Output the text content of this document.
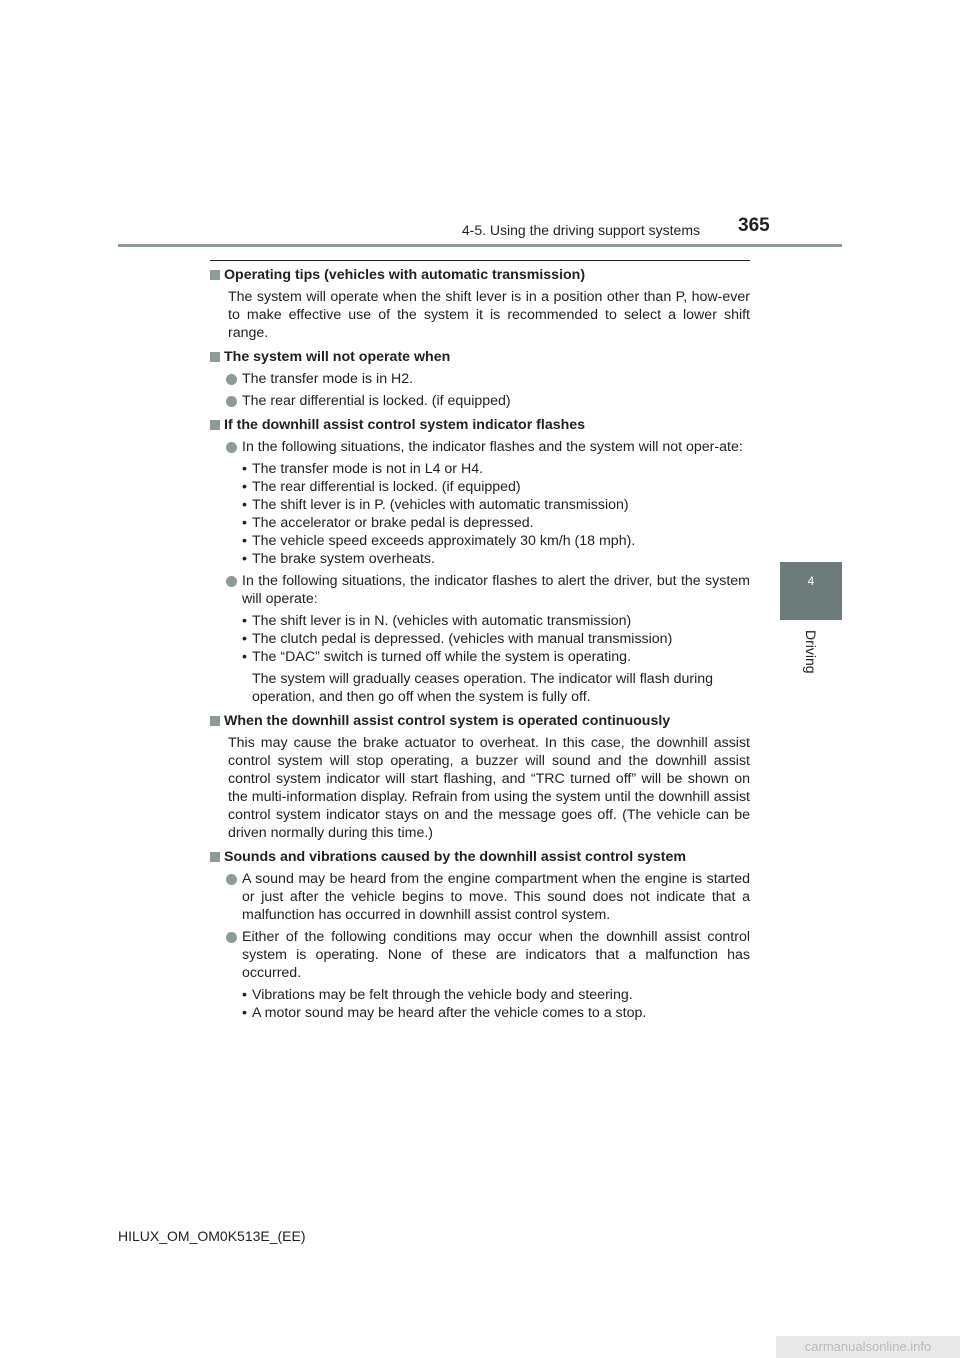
4-5. Using the driving support systems 365
4
Driving
Operating tips (vehicles with automatic transmission)
The system will operate when the shift lever is in a position other than P, how-ever to make effective use of the system it is recommended to select a lower shift range.
The system will not operate when
The transfer mode is in H2.
The rear differential is locked. (if equipped)
If the downhill assist control system indicator flashes
In the following situations, the indicator flashes and the system will not oper-ate:
• The transfer mode is not in L4 or H4.
• The rear differential is locked. (if equipped)
• The shift lever is in P. (vehicles with automatic transmission)
• The accelerator or brake pedal is depressed.
• The vehicle speed exceeds approximately 30 km/h (18 mph).
• The brake system overheats.
In the following situations, the indicator flashes to alert the driver, but the system will operate:
• The shift lever is in N. (vehicles with automatic transmission)
• The clutch pedal is depressed. (vehicles with manual transmission)
• The “DAC” switch is turned off while the system is operating.
The system will gradually ceases operation. The indicator will flash during operation, and then go off when the system is fully off.
When the downhill assist control system is operated continuously
This may cause the brake actuator to overheat. In this case, the downhill assist control system will stop operating, a buzzer will sound and the downhill assist control system indicator will start flashing, and “TRC turned off” will be shown on the multi-information display. Refrain from using the system until the downhill assist control system indicator stays on and the message goes off. (The vehicle can be driven normally during this time.)
Sounds and vibrations caused by the downhill assist control system
A sound may be heard from the engine compartment when the engine is started or just after the vehicle begins to move. This sound does not indicate that a malfunction has occurred in downhill assist control system.
Either of the following conditions may occur when the downhill assist control system is operating. None of these are indicators that a malfunction has occurred.
• Vibrations may be felt through the vehicle body and steering.
• A motor sound may be heard after the vehicle comes to a stop.
HILUX_OM_OM0K513E_(EE)
carmanualsonline.info
